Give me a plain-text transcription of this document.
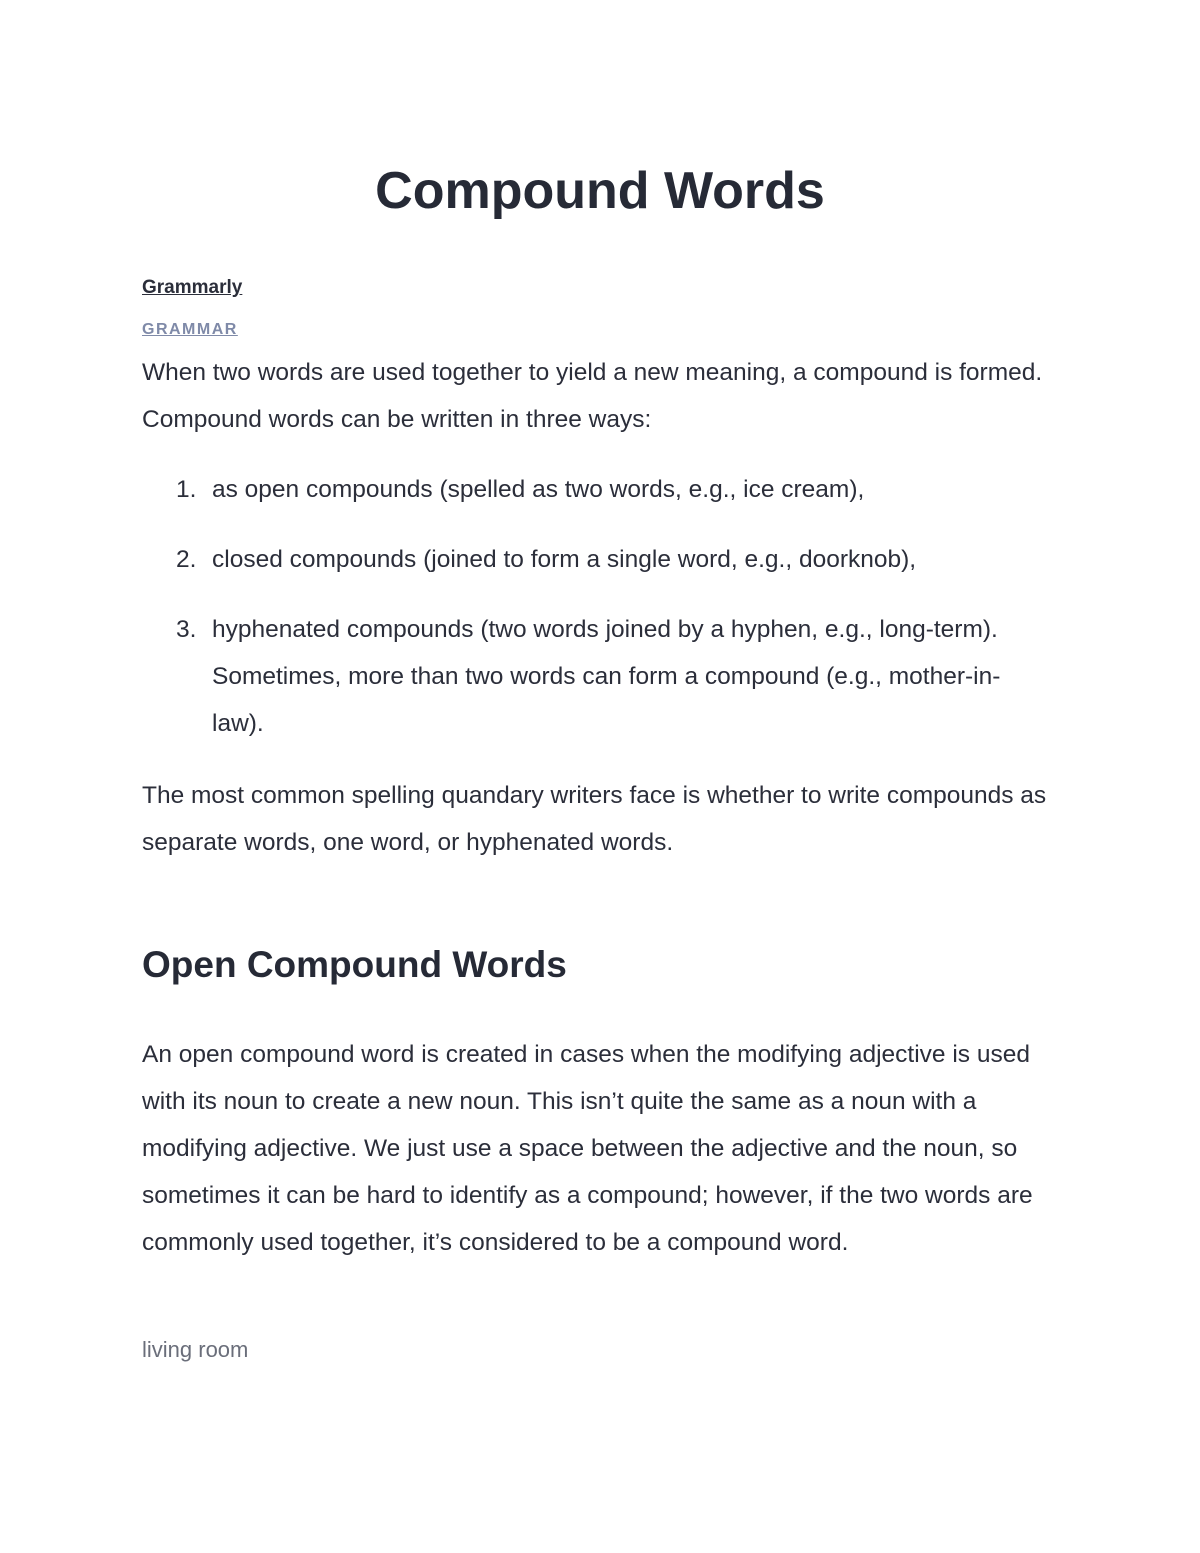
Compound Words
Grammarly
GRAMMAR

When two words are used together to yield a new meaning, a compound is formed. Compound words can be written in three ways:

1. as open compounds (spelled as two words, e.g., ice cream),
2. closed compounds (joined to form a single word, e.g., doorknob),
3. hyphenated compounds (two words joined by a hyphen, e.g., long-term). Sometimes, more than two words can form a compound (e.g., mother-in-law).

The most common spelling quandary writers face is whether to write compounds as separate words, one word, or hyphenated words.

Open Compound Words

An open compound word is created in cases when the modifying adjective is used with its noun to create a new noun. This isn’t quite the same as a noun with a modifying adjective. We just use a space between the adjective and the noun, so sometimes it can be hard to identify as a compound; however, if the two words are commonly used together, it’s considered to be a compound word.

living room
